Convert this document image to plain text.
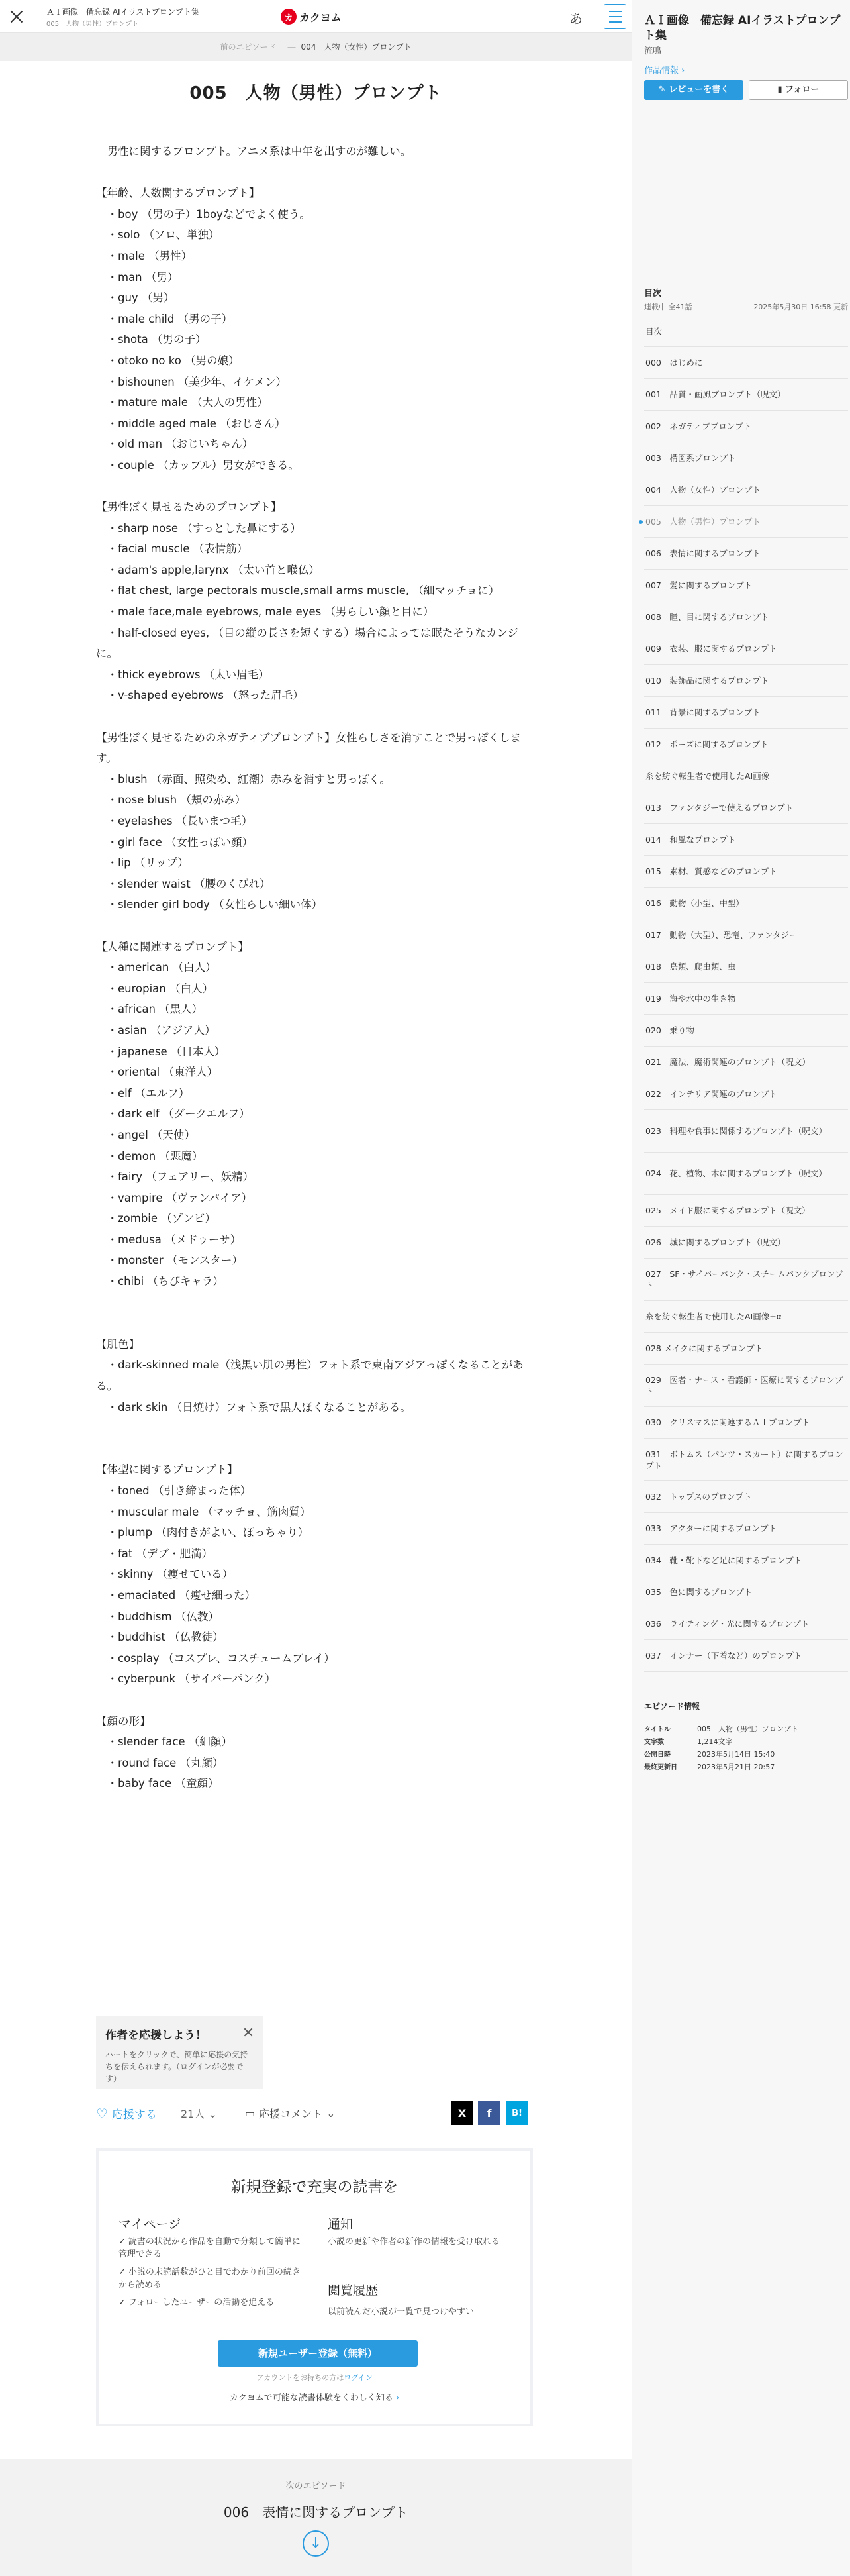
ＡＩ画像　備忘録 AIイラストプロンプト集
005　人物（男性）プロンプト
カ カクヨム	あ
前のエピソード ― 004　人物（女性）プロンプト
005　人物（男性）プロンプト

　男性に関するプロンプト。アニメ系は中年を出すのが難しい。

【年齢、人数関するプロンプト】

　・boy （男の子）1boyなどでよく使う。

　・solo （ソロ、単独）

　・male （男性）

　・man （男）

　・guy （男）

　・male child （男の子）

　・shota （男の子）

　・otoko no ko （男の娘）

　・bishounen （美少年、イケメン）

　・mature male （大人の男性）

　・middle aged male （おじさん）

　・old man （おじいちゃん）

　・couple （カップル）男女ができる。

【男性ぽく見せるためのプロンプト】

　・sharp nose （すっとした鼻にする）

　・facial muscle （表情筋）

　・adam's apple,larynx （太い首と喉仏）

　・flat chest, large pectorals muscle,small arms muscle, （細マッチョに）

　・male face,male eyebrows, male eyes （男らしい顔と目に）

　・half-closed eyes, （目の縦の長さを短くする）場合によっては眠たそうなカンジに。

　・thick eyebrows （太い眉毛）

　・v-shaped eyebrows （怒った眉毛）

【男性ぽく見せるためのネガティブプロンプト】女性らしさを消すことで男っぽくします。

　・blush （赤面、照染め、紅潮）赤みを消すと男っぽく。

　・nose blush （頬の赤み）

　・eyelashes （長いまつ毛）

　・girl face （女性っぽい顔）

　・lip （リップ）

　・slender waist （腰のくびれ）

　・slender girl body （女性らしい細い体）

【人種に関連するプロンプト】

　・american （白人）

　・europian （白人）

　・african （黒人）

　・asian （アジア人）

　・japanese （日本人）

　・oriental （東洋人）

　・elf （エルフ）

　・dark elf （ダークエルフ）

　・angel （天使）

　・demon （悪魔）

　・fairy （フェアリー、妖精）

　・vampire （ヴァンパイア）

　・zombie （ゾンビ）

　・medusa （メドゥーサ）

　・monster （モンスター）

　・chibi （ちびキャラ）

【肌色】

　・dark-skinned male（浅黒い肌の男性）フォト系で東南アジアっぽくなることがある。

　・dark skin （日焼け）フォト系で黒人ぽくなることがある。

【体型に関するプロンプト】

　・toned （引き締まった体）

　・muscular male （マッチョ、筋肉質）

　・plump （肉付きがよい、ぽっちゃり）

　・fat （デブ・肥満）

　・skinny （痩せている）

　・emaciated （痩せ細った）

　・buddhism （仏教）

　・buddhist （仏教徒）

　・cosplay （コスプレ、コスチュームプレイ）

　・cyberpunk （サイバーパンク）

【顔の形】

　・slender face （細顔）

　・round face （丸顔）

　・baby face （童顔）

作者を応援しよう！
ハートをクリックで、簡単に応援の気持ちを伝えられます。（ログインが必要です）
♡ 応援する 21人 ⌄	▭ 応援コメント ⌄	X	f	B!
新規登録で充実の読書を
マイページ
✓ 読書の状況から作品を自動で分類して簡単に管理できる
✓ 小説の未読話数がひと目でわかり前回の続きから読める
✓ フォローしたユーザーの活動を追える
通知
小説の更新や作者の新作の情報を受け取れる
閲覧履歴
以前読んだ小説が一覧で見つけやすい
新規ユーザー登録（無料）
アカウントをお持ちの方はログイン
カクヨムで可能な読書体験をくわしく知る ›
次のエピソード
006　表情に関するプロンプト
↓
ＡＩ画像　備忘録 AIイラストプロンプト集
流鳴
作品情報 ›
✎ レビューを書く	▮ フォロー
目次
連載中 全41話	2025年5月30日 16:58 更新
目次
000　はじめに
001　品質・画風プロンプト（呪文）
002　ネガティブプロンプト
003　構図系プロンプト
004　人物（女性）プロンプト
005　人物（男性）プロンプト
006　表情に関するプロンプト
007　髪に関するプロンプト
008　瞳、目に関するプロンプト
009　衣装、服に関するプロンプト
010　装飾品に関するプロンプト
011　背景に関するプロンプト
012　ポーズに関するプロンプト
糸を紡ぐ転生者で使用したAI画像
013　ファンタジーで使えるプロンプト
014　和風なプロンプト
015　素材、質感などのプロンプト
016　動物（小型、中型）
017　動物（大型）、恐竜、ファンタジー
018　鳥類、爬虫類、虫
019　海や水中の生き物
020　乗り物
021　魔法、魔術関連のプロンプト（呪文）
022　インテリア関連のプロンプト
023　料理や食事に関係するプロンプト（呪文）
024　花、植物、木に関するプロンプト（呪文）
025　メイド服に関するプロンプト（呪文）
026　城に関するプロンプト（呪文）
027　SF・サイバーパンク・スチームパンクプロンプト
糸を紡ぐ転生者で使用したAI画像+α
028 メイクに関するプロンプト
029　医者・ナース・看護師・医療に関するプロンプト
030　クリスマスに関連するＡＩプロンプト
031　ボトムス（パンツ・スカート）に関するプロンプト
032　トップスのプロンプト
033　アクターに関するプロンプト
034　靴・靴下など足に関するプロンプト
035　色に関するプロンプト
036　ライティング・光に関するプロンプト
037　インナー（下着など）のプロンプト
エピソード情報
タイトル	005　人物（男性）プロンプト
文字数	1,214文字
公開日時	2023年5月14日 15:40
最終更新日	2023年5月21日 20:57
